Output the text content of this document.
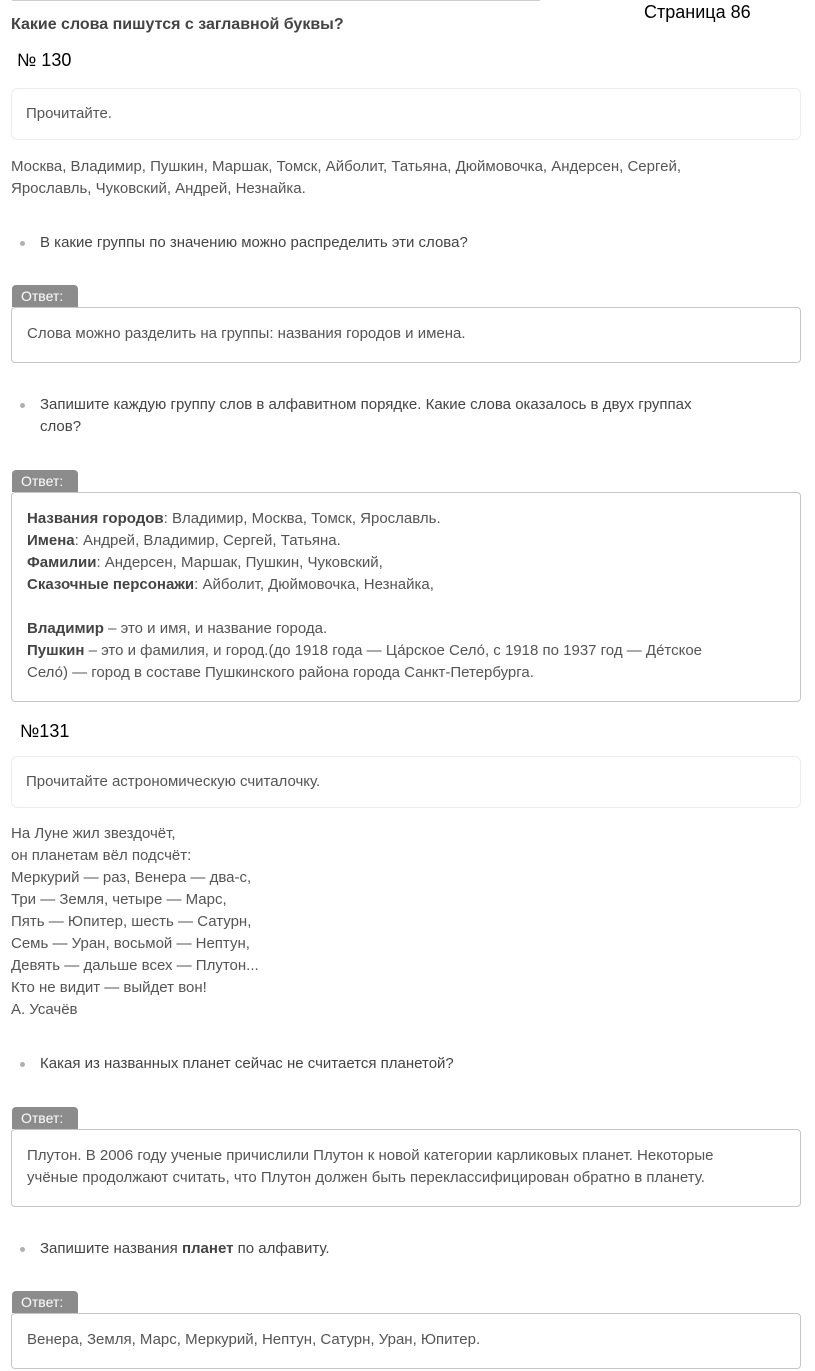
Какие слова пишутся с заглавной буквы?
Страница 86
№ 130
Прочитайте.
Москва, Владимир, Пушкин, Маршак, Томск, Айболит, Татьяна, Дюймовочка, Андерсен, Сергей,
Ярославль, Чуковский, Андрей, Незнайка.
В какие группы по значению можно распределить эти слова?
Ответ:
Слова можно разделить на группы: названия городов и имена.
Запишите каждую группу слов в алфавитном порядке. Какие слова оказалось в двух группах
слов?
Ответ:
Названия городов: Владимир, Москва, Томск, Ярославль.
Имена: Андрей, Владимир, Сергей, Татьяна.
Фамилии: Андерсен, Маршак, Пушкин, Чуковский,
Сказочные персонажи: Айболит, Дюймовочка, Незнайка,
Владимир – это и имя, и название города.
Пушкин – это и фамилия, и город.(до 1918 года — Ца́рское Село́, с 1918 по 1937 год — Де́тское
Село́) — город в составе Пушкинского района города Санкт-Петербурга.
№131
Прочитайте астрономическую считалочку.
На Луне жил звездочёт,
он планетам вёл подсчёт:
Меркурий — раз, Венера — два-с,
Три — Земля, четыре — Марс,
Пять — Юпитер, шесть — Сатурн,
Семь — Уран, восьмой — Нептун,
Девять — дальше всех — Плутон...
Кто не видит — выйдет вон!
А. Усачёв
Какая из названных планет сейчас не считается планетой?
Ответ:
Плутон. В 2006 году ученые причислили Плутон к новой категории карликовых планет. Некоторые
учёные продолжают считать, что Плутон должен быть переклассифицирован обратно в планету.
Запишите названия планет по алфавиту.
Ответ:
Венера, Земля, Марс, Меркурий, Нептун, Сатурн, Уран, Юпитер.
